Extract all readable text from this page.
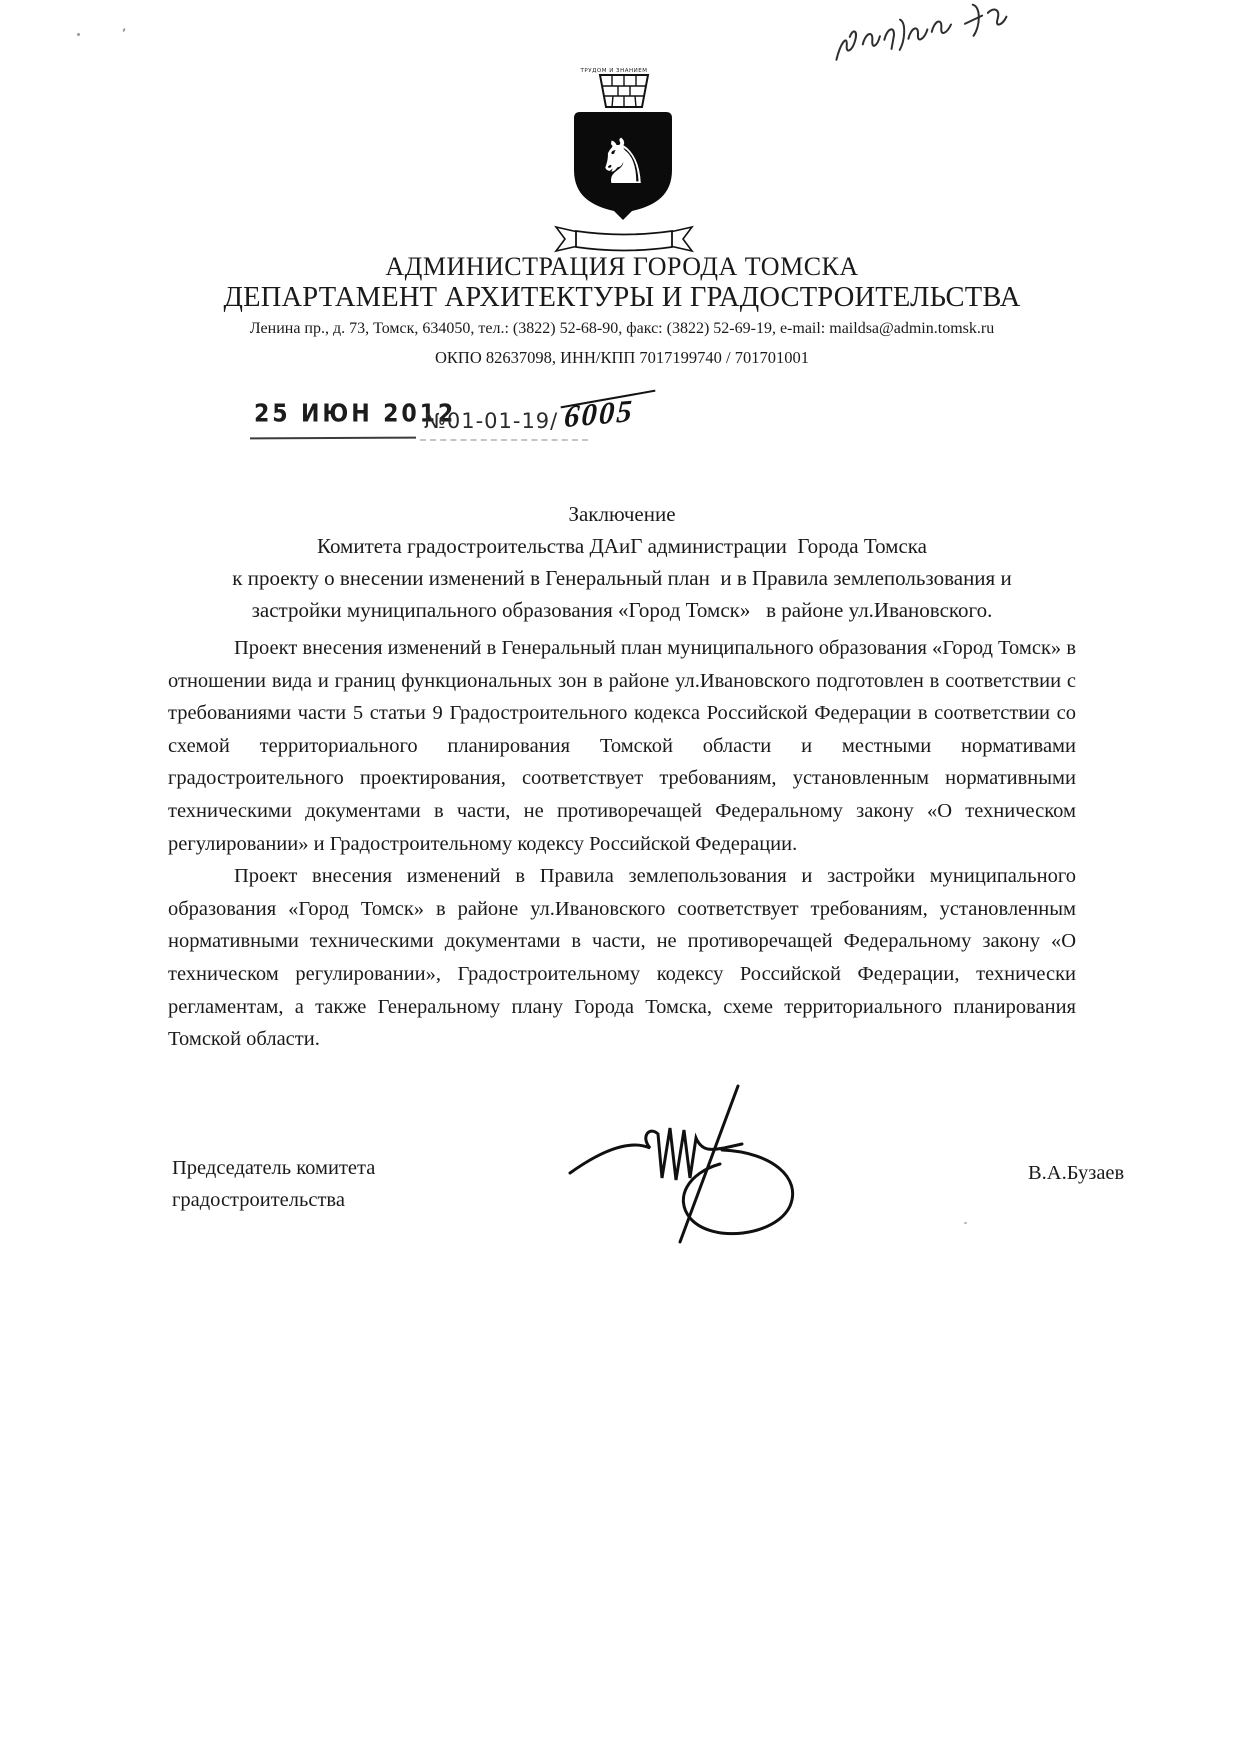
♞
ТРУДОМ И ЗНАНИЕМ
АДМИНИСТРАЦИЯ ГОРОДА ТОМСКА
ДЕПАРТАМЕНТ АРХИТЕКТУРЫ И ГРАДОСТРОИТЕЛЬСТВА
Ленина пр., д. 73, Томск, 634050, тел.: (3822) 52-68-90, факс: (3822) 52-69-19, e-mail: maildsa@admin.tomsk.ru
ОКПО 82637098, ИНН/КПП 7017199740 / 701701001
25 ИЮН 2012
№01-01-19/ 6005
Заключение
Комитета градостроительства ДАиГ администрации  Города Томска
к проекту о внесении изменений в Генеральный план  и в Правила землепользования и
застройки муниципального образования «Город Томск»   в районе ул.Ивановского.

Проект внесения изменений в Генеральный план муниципального образования «Город Томск» в отношении вида и границ функциональных зон в районе ул.Ивановского подготовлен в соответствии с требованиями части 5 статьи 9 Градостроительного кодекса Российской Федерации в соответствии со схемой территориального планирования Томской области и местными нормативами градостроительного проектирования, соответствует требованиям, установленным нормативными техническими документами в части, не противоречащей Федеральному закону «О техническом регулировании» и Градостроительному кодексу Российской Федерации.

Проект внесения изменений в Правила землепользования и застройки муниципального образования «Город Томск» в районе ул.Ивановского соответствует требованиям, установленным нормативными техническими документами в части, не противоречащей Федеральному закону «О техническом регулировании», Градостроительному кодексу Российской Федерации, технически регламентам, а также Генеральному плану Города Томска, схеме территориального планирования Томской области.

Председатель комитета
градостроительства
В.А.Бузаев
